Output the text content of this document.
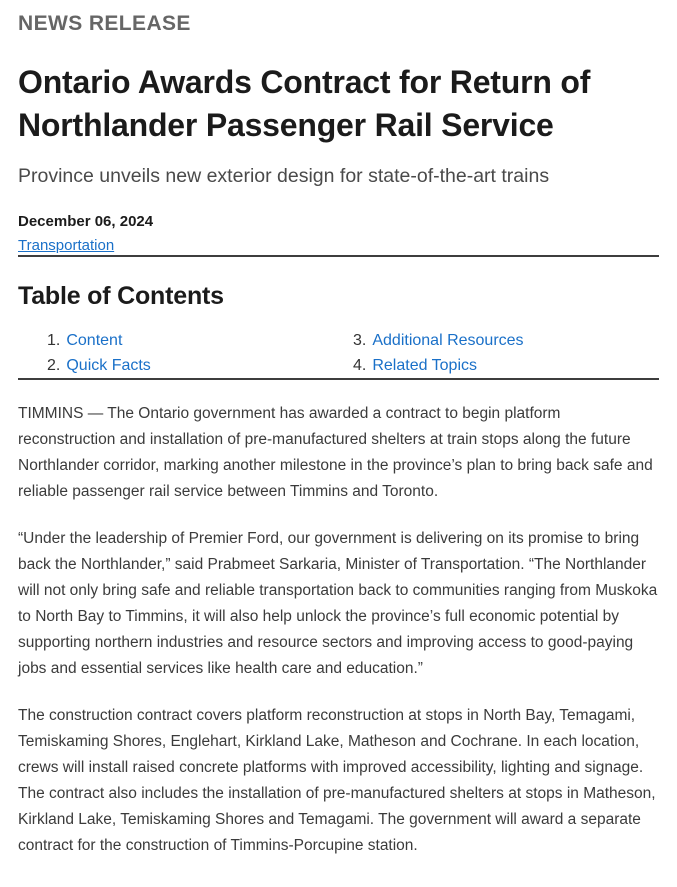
NEWS RELEASE
Ontario Awards Contract for Return of Northlander Passenger Rail Service
Province unveils new exterior design for state-of-the-art trains
December 06, 2024
Transportation
Table of Contents
1. Content
2. Quick Facts
3. Additional Resources
4. Related Topics

TIMMINS — The Ontario government has awarded a contract to begin platform reconstruction and installation of pre-manufactured shelters at train stops along the future Northlander corridor, marking another milestone in the province’s plan to bring back safe and reliable passenger rail service between Timmins and Toronto.

“Under the leadership of Premier Ford, our government is delivering on its promise to bring back the Northlander,” said Prabmeet Sarkaria, Minister of Transportation. “The Northlander will not only bring safe and reliable transportation back to communities ranging from Muskoka to North Bay to Timmins, it will also help unlock the province’s full economic potential by supporting northern industries and resource sectors and improving access to good-paying jobs and essential services like health care and education.”

The construction contract covers platform reconstruction at stops in North Bay, Temagami, Temiskaming Shores, Englehart, Kirkland Lake, Matheson and Cochrane. In each location, crews will install raised concrete platforms with improved accessibility, lighting and signage. The contract also includes the installation of pre-manufactured shelters at stops in Matheson, Kirkland Lake, Temiskaming Shores and Temagami. The government will award a separate contract for the construction of Timmins-Porcupine station.
